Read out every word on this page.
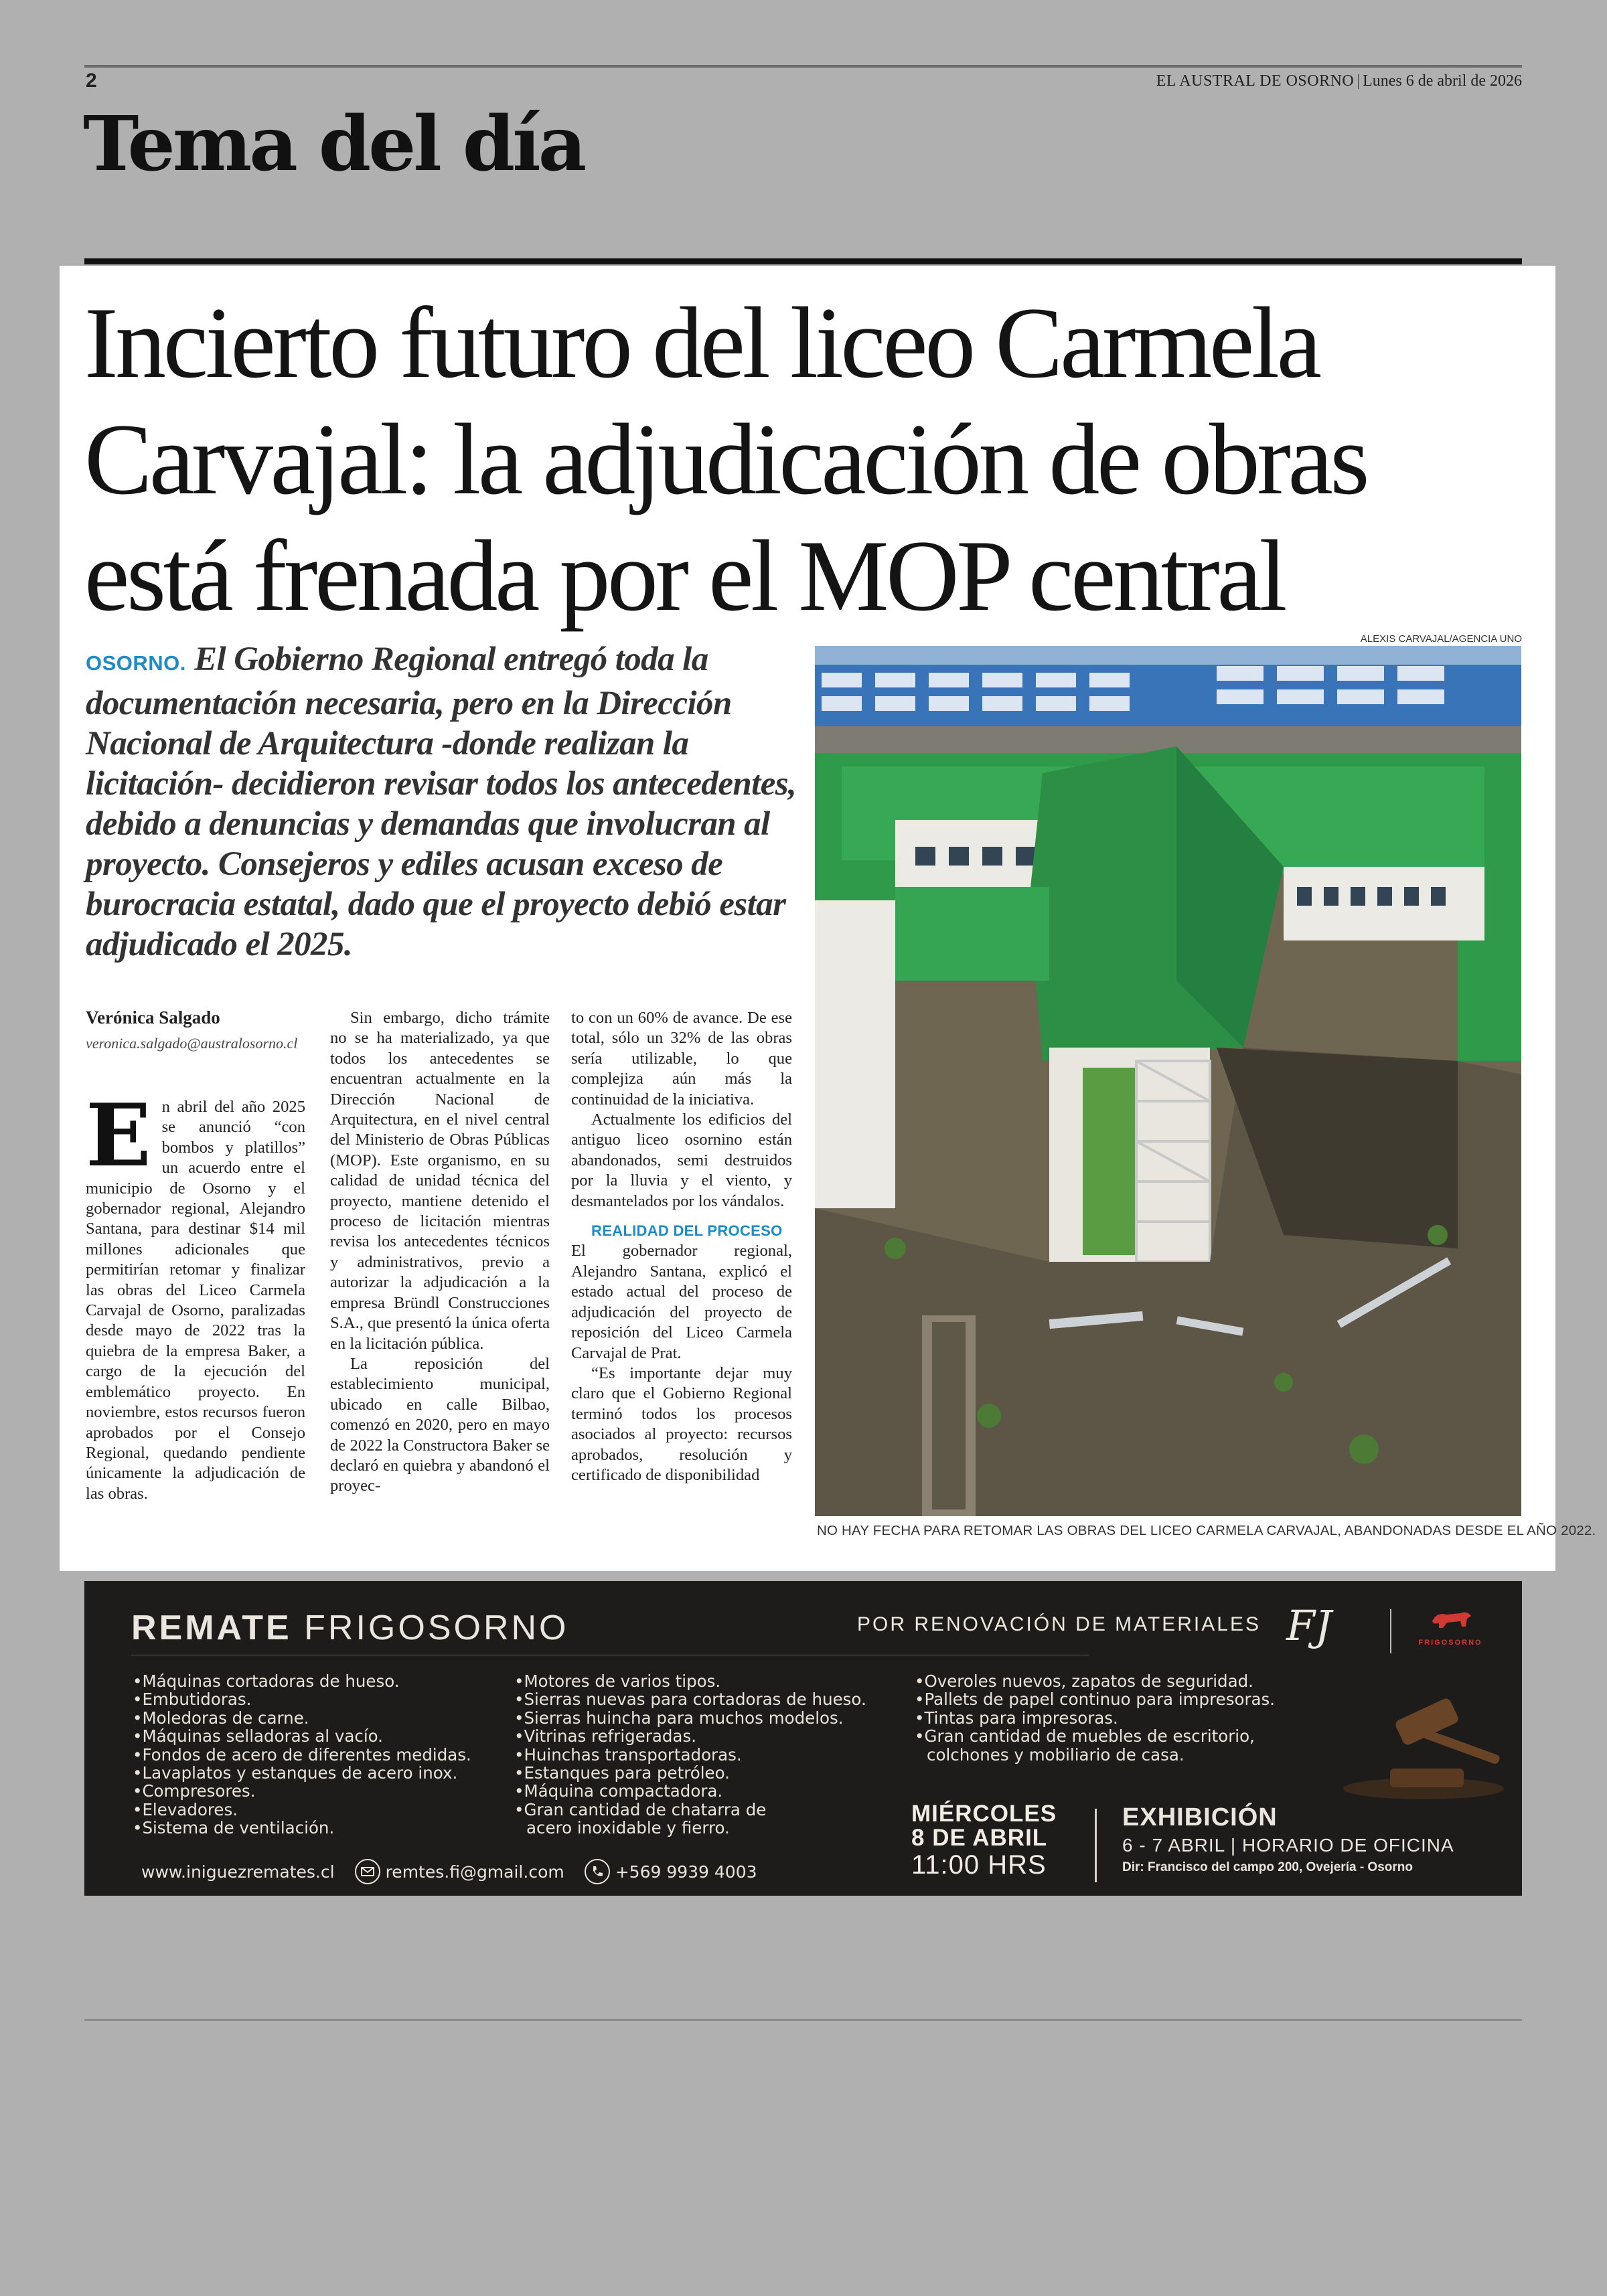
2	EL AUSTRAL DE OSORNO | Lunes 6 de abril de 2026
Tema del día
Incierto futuro del liceo Carmela Carvajal: la adjudicación de obras está frenada por el MOP central
OSORNO. El Gobierno Regional entregó toda la documentación necesaria, pero en la Dirección Nacional de Arquitectura -donde realizan la licitación- decidieron revisar todos los antecedentes, debido a denuncias y demandas que involucran al proyecto. Consejeros y ediles acusan exceso de burocracia estatal, dado que el proyecto debió estar adjudicado el 2025.
Verónica Salgado
veronica.salgado@australosorno.cl

En abril del año 2025 se anunció “con bombos y platillos” un acuerdo entre el municipio de Osorno y el gobernador regional, Alejandro Santana, para destinar $14 mil millones adicionales que permitirían retomar y finalizar las obras del Liceo Carmela Carvajal de Osorno, paralizadas desde mayo de 2022 tras la quiebra de la empresa Baker, a cargo de la ejecución del emblemático proyecto. En noviembre, estos recursos fueron aprobados por el Consejo Regional, quedando pendiente únicamente la adjudicación de las obras.

Sin embargo, dicho trámite no se ha materializado, ya que todos los antecedentes se encuentran actualmente en la Dirección Nacional de Arquitectura, en el nivel central del Ministerio de Obras Públicas (MOP). Este organismo, en su calidad de unidad técnica del proyecto, mantiene detenido el proceso de licitación mientras revisa los antecedentes técnicos y administrativos, previo a autorizar la adjudicación a la empresa Bründl Construcciones S.A., que presentó la única oferta en la licitación pública.

La reposición del establecimiento municipal, ubicado en calle Bilbao, comenzó en 2020, pero en mayo de 2022 la Constructora Baker se declaró en quiebra y abandonó el proyec-

to con un 60% de avance. De ese total, sólo un 32% de las obras sería utilizable, lo que complejiza aún más la continuidad de la iniciativa.

Actualmente los edificios del antiguo liceo osornino están abandonados, semi destruidos por la lluvia y el viento, y desmantelados por los vándalos.

REALIDAD DEL PROCESO

El gobernador regional, Alejandro Santana, explicó el estado actual del proceso de adjudicación del proyecto de reposición del Liceo Carmela Carvajal de Prat.

“Es importante dejar muy claro que el Gobierno Regional terminó todos los procesos asociados al proyecto: recursos aprobados, resolución y certificado de disponibilidad

ALEXIS CARVAJAL/AGENCIA UNO
NO HAY FECHA PARA RETOMAR LAS OBRAS DEL LICEO CARMELA CARVAJAL, ABANDONADAS DESDE EL AÑO 2022.
REMATE FRIGOSORNO	POR RENOVACIÓN DE MATERIALES FJ	FRIGOSORNO
• Máquinas cortadoras de hueso.
• Embutidoras.
• Moledoras de carne.
• Máquinas selladoras al vacío.
• Fondos de acero de diferentes medidas.
• Lavaplatos y estanques de acero inox.
• Compresores.
• Elevadores.
• Sistema de ventilación.
• Motores de varios tipos.
• Sierras nuevas para cortadoras de hueso.
• Sierras huincha para muchos modelos.
• Vitrinas refrigeradas.
• Huinchas transportadoras.
• Estanques para petróleo.
• Máquina compactadora.
• Gran cantidad de chatarra de
acero inoxidable y fierro.
• Overoles nuevos, zapatos de seguridad.
• Pallets de papel continuo para impresoras.
• Tintas para impresoras.
• Gran cantidad de muebles de escritorio,
colchones y mobiliario de casa.
MIÉRCOLES
8 DE ABRIL
11:00 HRS
EXHIBICIÓN
6 - 7 ABRIL | HORARIO DE OFICINA
Dir: Francisco del campo 200, Ovejería - Osorno
www.iniguezremates.cl	remtes.fi@gmail.com	+569 9939 4003
